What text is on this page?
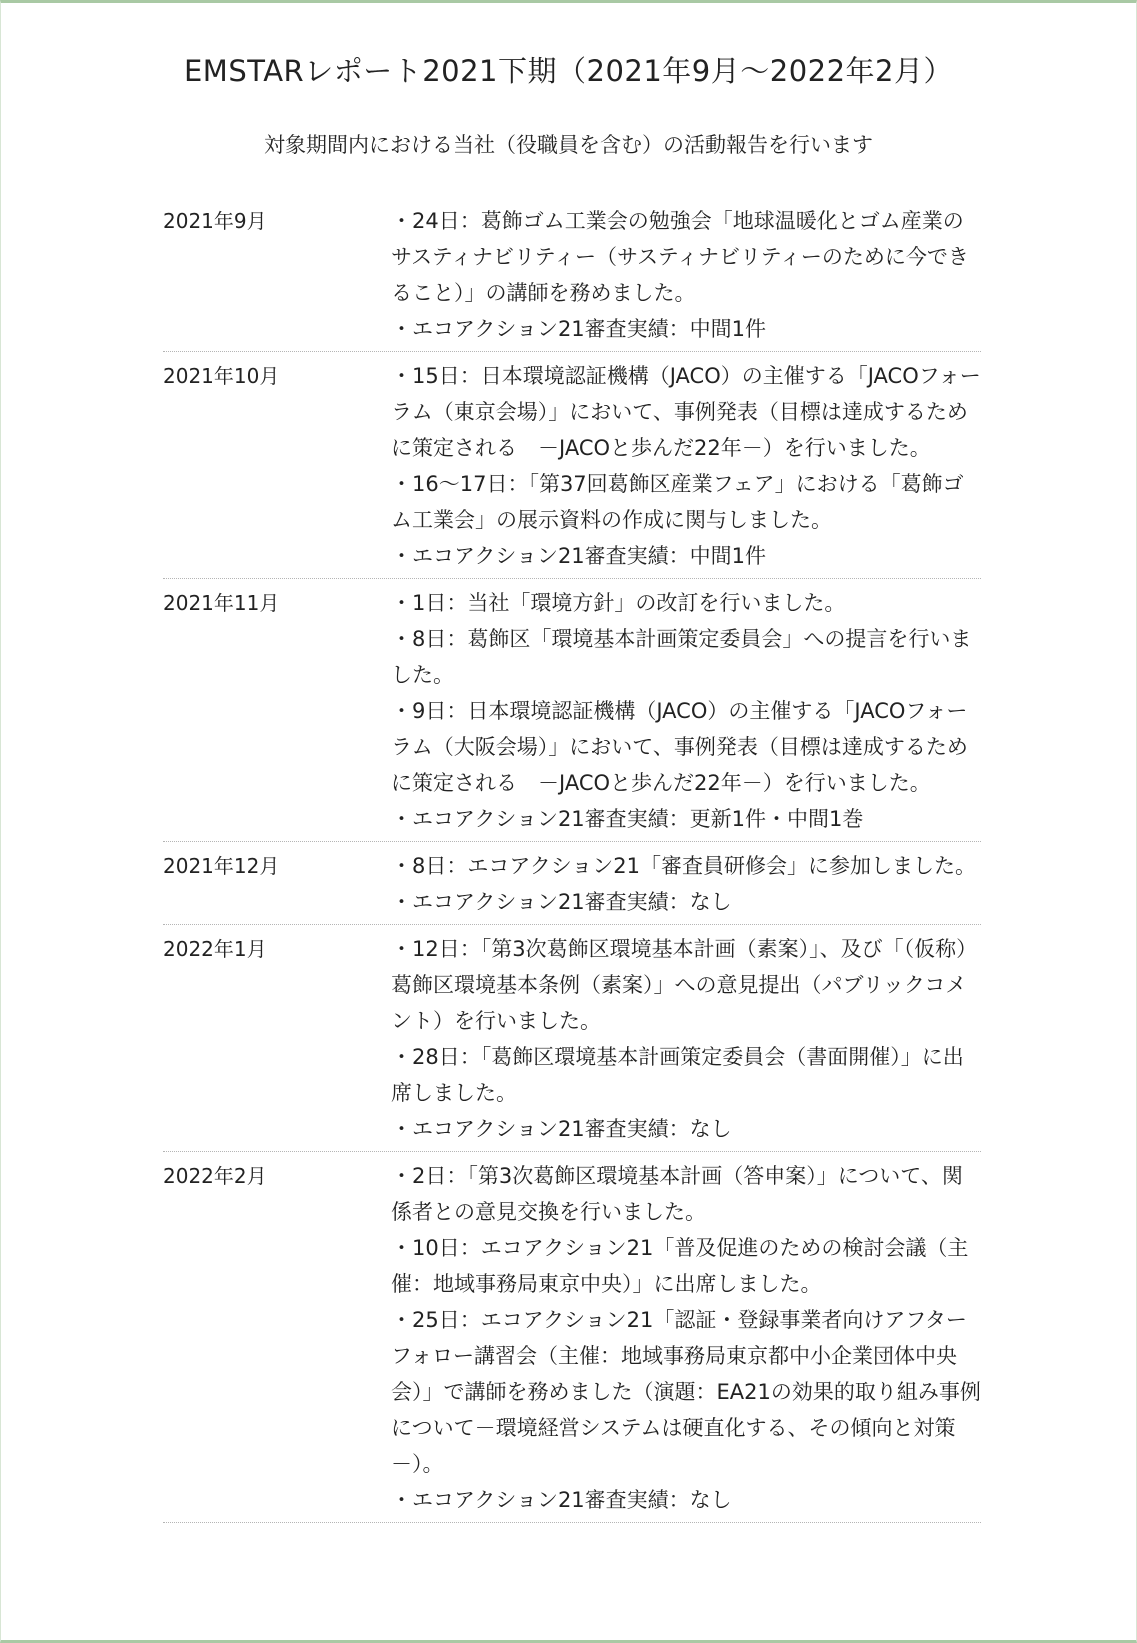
EMSTARレポート2021下期（2021年9月～2022年2月）

対象期間内における当社（役職員を含む）の活動報告を行います

2021年9月	・24日：葛飾ゴム工業会の勉強会「地球温暖化とゴム産業のサスティナビリティー（サスティナビリティーのために今できること）」の講師を務めました。

・エコアクション21審査実績：中間1件

2021年10月	・15日：日本環境認証機構（JACO）の主催する「JACOフォーラム（東京会場）」において、事例発表（目標は達成するために策定される　－JACOと歩んだ22年－）を行いました。

・16～17日：「第37回葛飾区産業フェア」における「葛飾ゴム工業会」の展示資料の作成に関与しました。

・エコアクション21審査実績：中間1件

2021年11月	・1日：当社「環境方針」の改訂を行いました。

・8日：葛飾区「環境基本計画策定委員会」への提言を行いました。

・9日：日本環境認証機構（JACO）の主催する「JACOフォーラム（大阪会場）」において、事例発表（目標は達成するために策定される　－JACOと歩んだ22年－）を行いました。

・エコアクション21審査実績：更新1件・中間1巻

2021年12月	・8日：エコアクション21「審査員研修会」に参加しました。

・エコアクション21審査実績：なし

2022年1月	・12日：「第3次葛飾区環境基本計画（素案）」、及び「（仮称）葛飾区環境基本条例（素案）」への意見提出（パブリックコメント）を行いました。

・28日：「葛飾区環境基本計画策定委員会（書面開催）」に出席しました。

・エコアクション21審査実績：なし

2022年2月	・2日：「第3次葛飾区環境基本計画（答申案）」について、関係者との意見交換を行いました。

・10日：エコアクション21「普及促進のための検討会議（主催：地域事務局東京中央）」に出席しました。

・25日：エコアクション21「認証・登録事業者向けアフターフォロー講習会（主催：地域事務局東京都中小企業団体中央会）」で講師を務めました（演題：EA21の効果的取り組み事例について－環境経営システムは硬直化する、その傾向と対策－）。

・エコアクション21審査実績：なし
